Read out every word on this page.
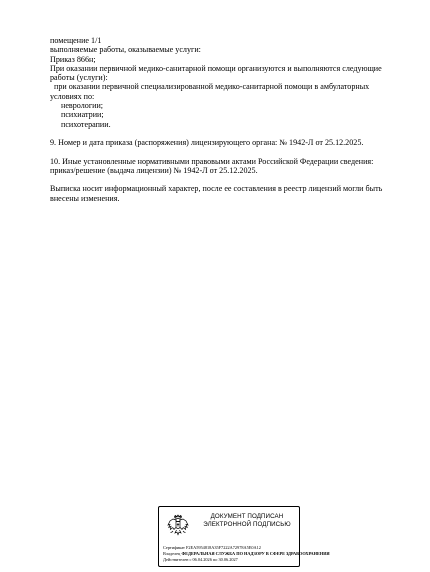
помещение 1/1
выполняемые работы, оказываемые услуги:
Приказ 866н;
При оказании первичной медико-санитарной помощи организуются и выполняются следующие
работы (услуги):
при оказании первичной специализированной медико-санитарной помощи в амбулаторных
условиях по:
неврологии;
психиатрии;
психотерапии.
9. Номер и дата приказа (распоряжения) лицензирующего органа: № 1942-Л от 25.12.2025.
10. Иные установленные нормативными правовыми актами Российской Федерации сведения:
приказ/решение (выдача лицензии) № 1942-Л от 25.12.2025.
Выписка носит информационный характер, после ее составления в реестр лицензий могли быть
внесены изменения.
ДОКУМЕНТ ПОДПИСАН
ЭЛЕКТРОННОЙ ПОДПИСЬЮ
Сертификат F2EA5954818A35F7222A72978A5E0A12
Владелец ФЕДЕРАЛЬНАЯ СЛУЖБА ПО НАДЗОРУ В СФЕРЕ ЗДРАВООХРАНЕНИЯ
Действителен с 06.04.2026 по 30.06.2027
